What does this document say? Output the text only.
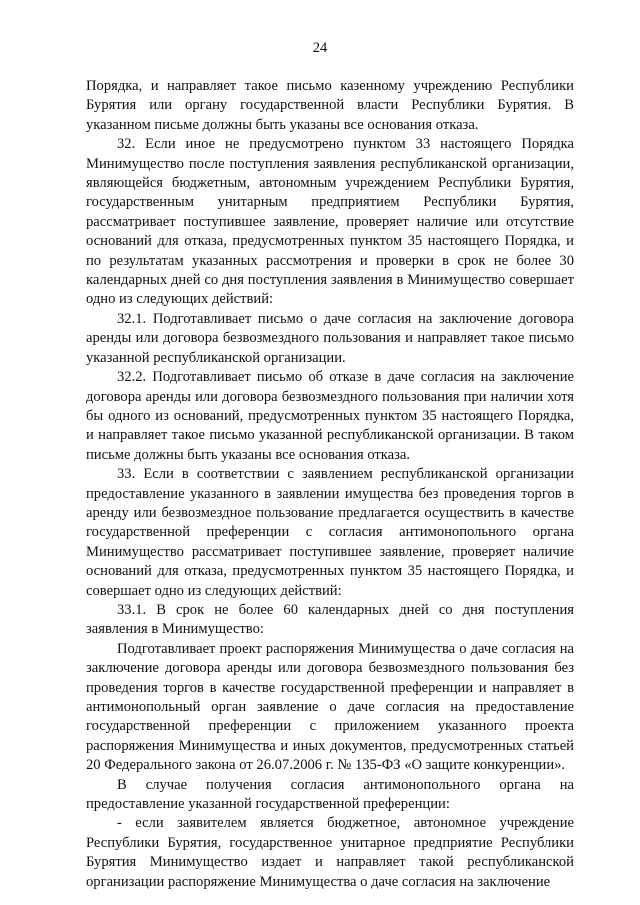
24

Порядка, и направляет такое письмо казенному учреждению Республики Бурятия или органу государственной власти Республики Бурятия. В указанном письме должны быть указаны все основания отказа.

32. Если иное не предусмотрено пунктом 33 настоящего Порядка Минимущество после поступления заявления республиканской организации, являющейся бюджетным, автономным учреждением Республики Бурятия, государственным унитарным предприятием Республики Бурятия, рассматривает поступившее заявление, проверяет наличие или отсутствие оснований для отказа, предусмотренных пунктом 35 настоящего Порядка, и по результатам указанных рассмотрения и проверки в срок не более 30 календарных дней со дня поступления заявления в Минимущество совершает одно из следующих действий:

32.1. Подготавливает письмо о даче согласия на заключение договора аренды или договора безвозмездного пользования и направляет такое письмо указанной республиканской организации.

32.2. Подготавливает письмо об отказе в даче согласия на заключение договора аренды или договора безвозмездного пользования при наличии хотя бы одного из оснований, предусмотренных пунктом 35 настоящего Порядка, и направляет такое письмо указанной республиканской организации. В таком письме должны быть указаны все основания отказа.

33. Если в соответствии с заявлением республиканской организации предоставление указанного в заявлении имущества без проведения торгов в аренду или безвозмездное пользование предлагается осуществить в качестве государственной преференции с согласия антимонопольного органа Минимущество рассматривает поступившее заявление, проверяет наличие оснований для отказа, предусмотренных пунктом 35 настоящего Порядка, и совершает одно из следующих действий:

33.1. В срок не более 60 календарных дней со дня поступления заявления в Минимущество:

Подготавливает проект распоряжения Минимущества о даче согласия на заключение договора аренды или договора безвозмездного пользования без проведения торгов в качестве государственной преференции и направляет в антимонопольный орган заявление о даче согласия на предоставление государственной преференции с приложением указанного проекта распоряжения Минимущества и иных документов, предусмотренных статьей 20 Федерального закона от 26.07.2006 г. № 135-ФЗ «О защите конкуренции».

В случае получения согласия антимонопольного органа на предоставление указанной государственной преференции:

- если заявителем является бюджетное, автономное учреждение Республики Бурятия, государственное унитарное предприятие Республики Бурятия Минимущество издает и направляет такой республиканской организации распоряжение Минимущества о даче согласия на заключение
